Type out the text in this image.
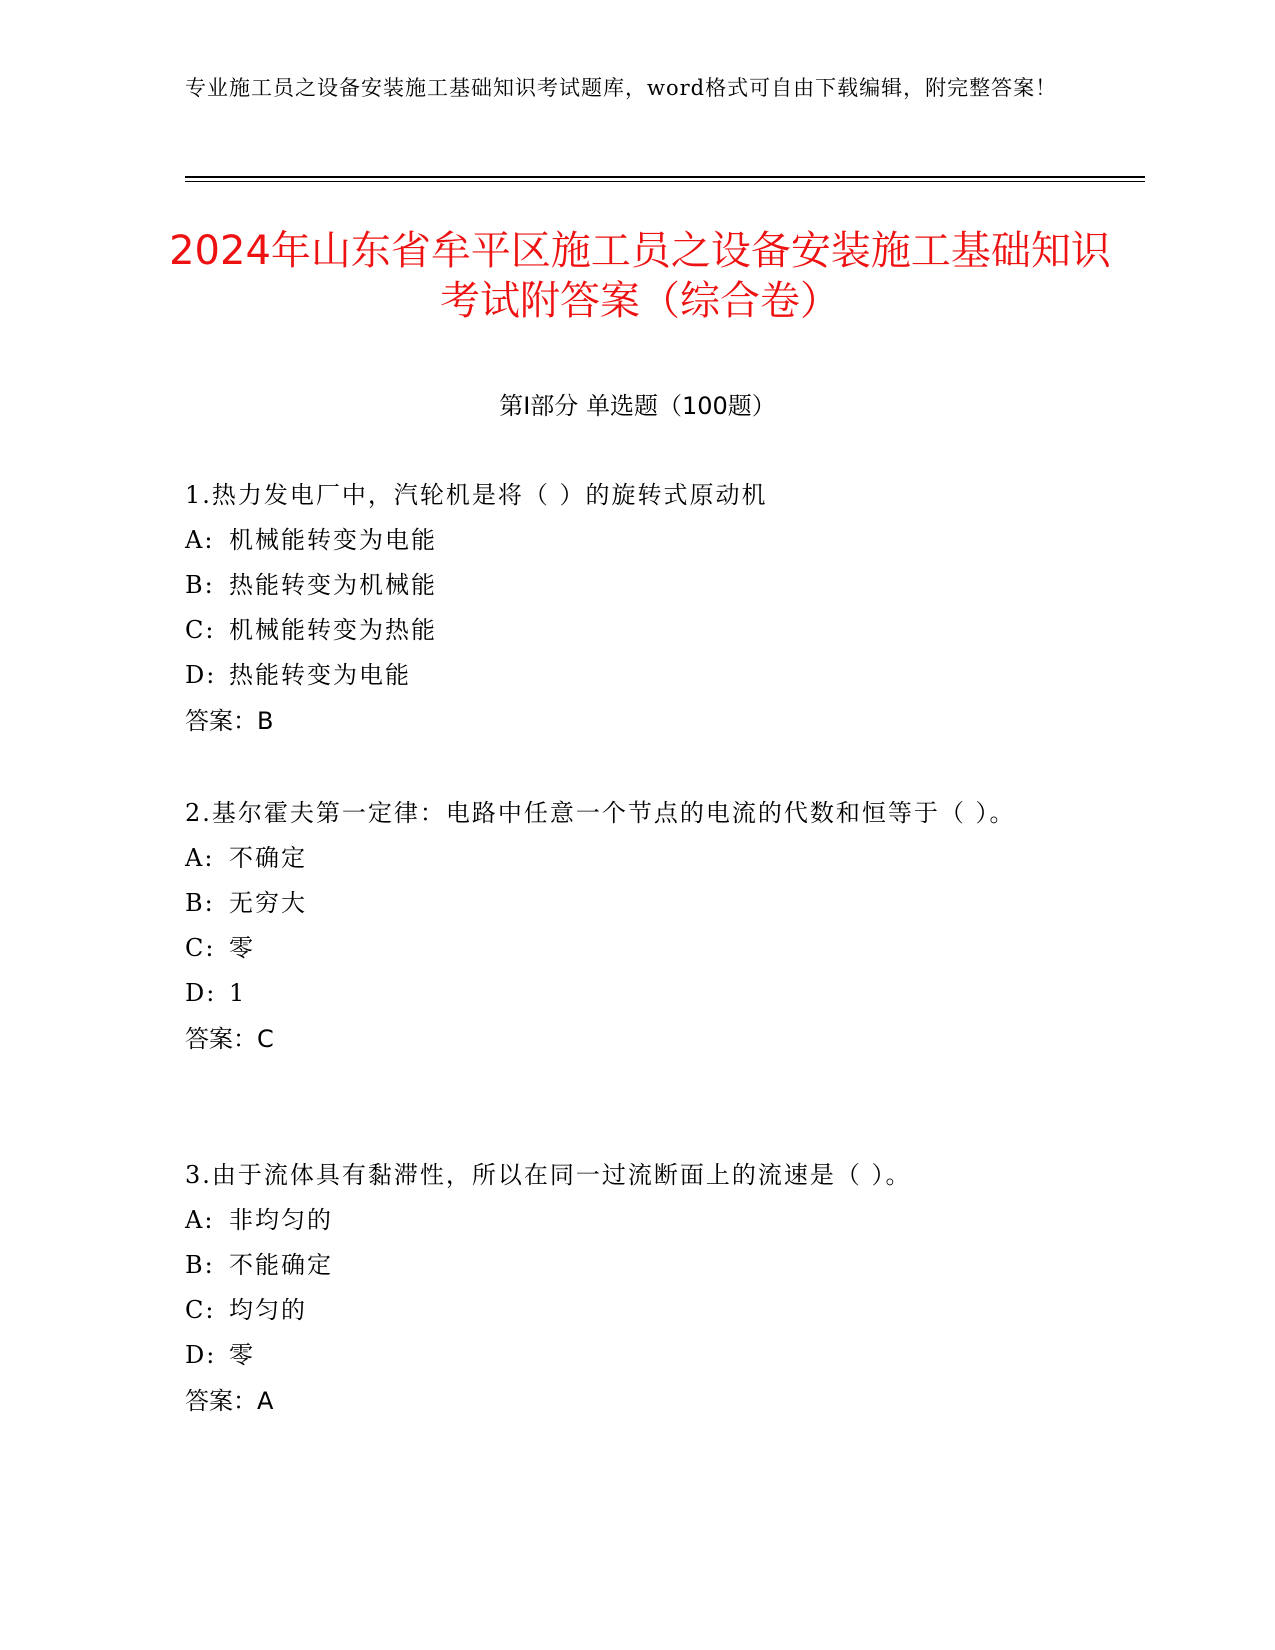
专业施工员之设备安装施工基础知识考试题库，word格式可自由下载编辑，附完整答案！
2024年山东省牟平区施工员之设备安装施工基础知识考试附答案（综合卷）
第Ⅰ部分 单选题（100题）

1.热力发电厂中，汽轮机是将（ ）的旋转式原动机

A: 机械能转变为电能

B: 热能转变为机械能

C: 机械能转变为热能

D: 热能转变为电能

答案：B

2.基尔霍夫第一定律：电路中任意一个节点的电流的代数和恒等于（ ）。

A: 不确定

B: 无穷大

C: 零

D: 1

答案：C

3.由于流体具有黏滞性，所以在同一过流断面上的流速是（ ）。

A: 非均匀的

B: 不能确定

C: 均匀的

D: 零

答案：A
